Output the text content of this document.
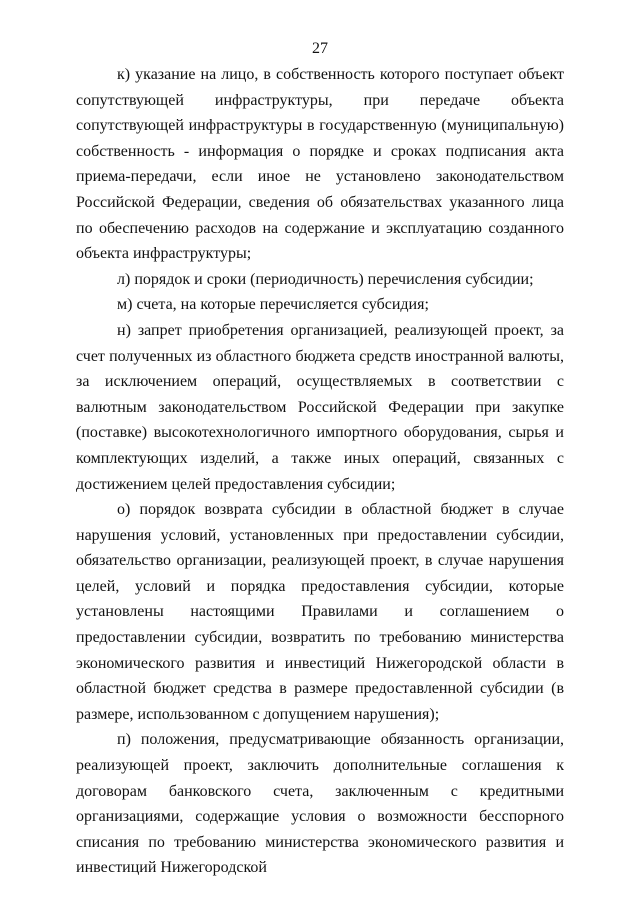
27

к) указание на лицо, в собственность которого поступает объект сопутствующей инфраструктуры, при передаче объекта сопутствующей инфраструктуры в государственную (муниципальную) собственность - информация о порядке и сроках подписания акта приема-передачи, если иное не установлено законодательством Российской Федерации, сведения об обязательствах указанного лица по обеспечению расходов на содержание и эксплуатацию созданного объекта инфраструктуры;

л) порядок и сроки (периодичность) перечисления субсидии;

м) счета, на которые перечисляется субсидия;

н) запрет приобретения организацией, реализующей проект, за счет полученных из областного бюджета средств иностранной валюты, за исключением операций, осуществляемых в соответствии с валютным законодательством Российской Федерации при закупке (поставке) высокотехнологичного импортного оборудования, сырья и комплектующих изделий, а также иных операций, связанных с достижением целей предоставления субсидии;

о) порядок возврата субсидии в областной бюджет в случае нарушения условий, установленных при предоставлении субсидии, обязательство организации, реализующей проект, в случае нарушения целей, условий и порядка предоставления субсидии, которые установлены настоящими Правилами и соглашением о предоставлении субсидии, возвратить по требованию министерства экономического развития и инвестиций Нижегородской области в областной бюджет средства в размере предоставленной субсидии (в размере, использованном с допущением нарушения);

п) положения, предусматривающие обязанность организации, реализующей проект, заключить дополнительные соглашения к договорам банковского счета, заключенным с кредитными организациями, содержащие условия о возможности бесспорного списания по требованию министерства экономического развития и инвестиций Нижегородской
